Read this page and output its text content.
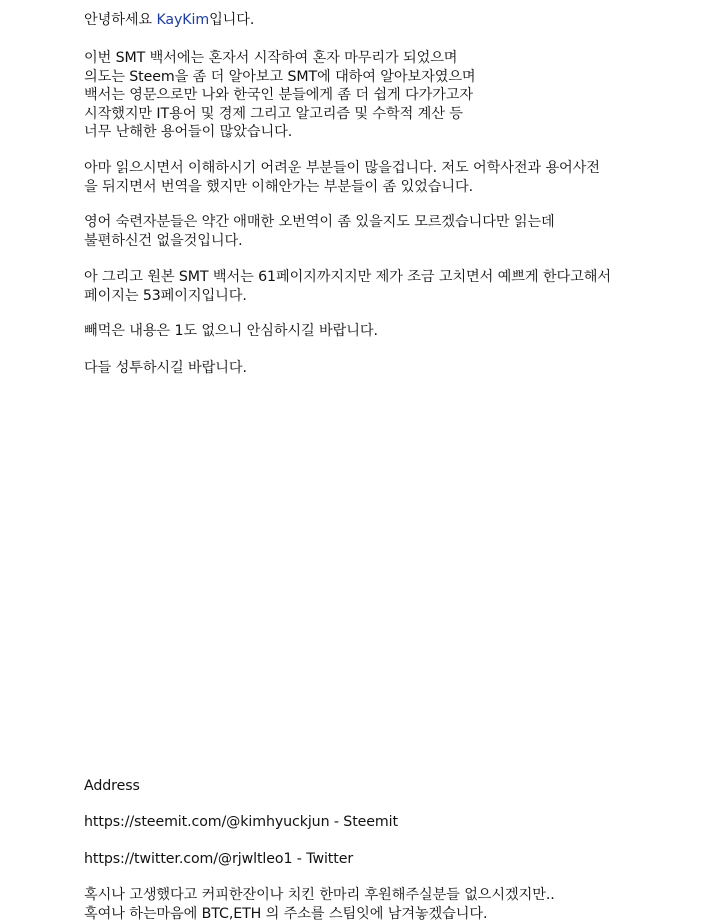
안녕하세요 KayKim입니다.
이번 SMT 백서에는 혼자서 시작하여 혼자 마무리가 되었으며
의도는 Steem을 좀 더 알아보고 SMT에 대하여 알아보자였으며
백서는 영문으로만 나와 한국인 분들에게 좀 더 쉽게 다가가고자
시작했지만 IT용어 및 경제 그리고 알고리즘 및 수학적 계산 등
너무 난해한 용어들이 많았습니다.
아마 읽으시면서 이해하시기 어려운 부분들이 많을겁니다. 저도 어학사전과 용어사전
을 뒤지면서 번역을 했지만 이해안가는 부분들이 좀 있었습니다.
영어 숙련자분들은 약간 애매한 오번역이 좀 있을지도 모르겠습니다만 읽는데
불편하신건 없을것입니다.
아 그리고 원본 SMT 백서는 61페이지까지지만 제가 조금 고치면서 예쁘게 한다고해서
페이지는 53페이지입니다.
빼먹은 내용은 1도 없으니 안심하시길 바랍니다.
다들 성투하시길 바랍니다.
Address
https://steemit.com/@kimhyuckjun - Steemit
https://twitter.com/@rjwltleo1 - Twitter
혹시나 고생했다고 커피한잔이나 치킨 한마리 후원해주실분들 없으시겠지만..
혹여나 하는마음에 BTC,ETH 의 주소를 스팀잇에 남겨놓겠습니다.
